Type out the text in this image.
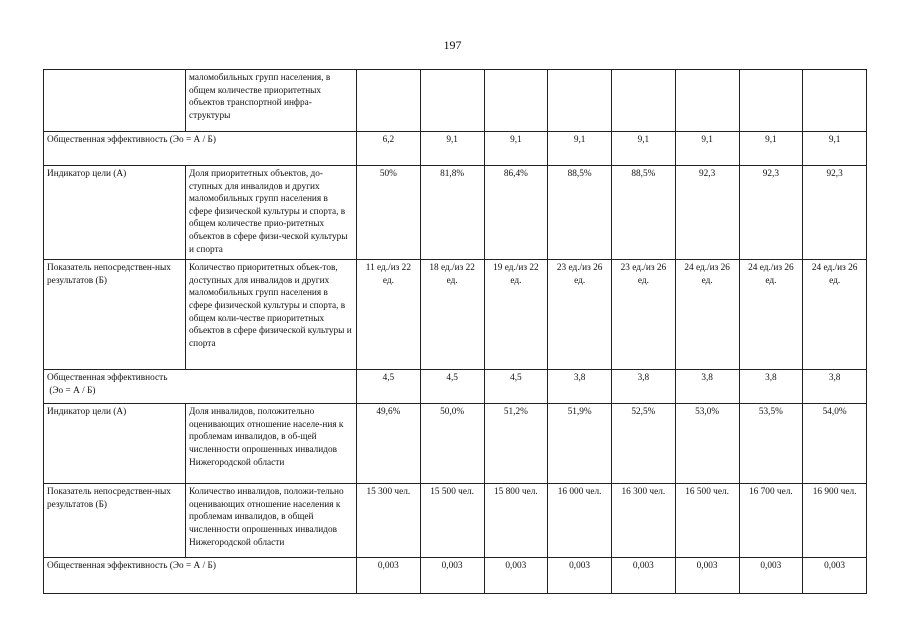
197
	маломобильных групп населения, в общем количестве приоритетных объектов транспортной инфра-структуры								
Общественная эффективность (Эо = А / Б)		6,2	9,1	9,1	9,1	9,1	9,1	9,1	9,1
Индикатор цели (А)	Доля приоритетных объектов, до-ступных для инвалидов и других маломобильных групп населения в сфере физической культуры и спорта, в общем количестве прио-ритетных объектов в сфере физи-ческой культуры и спорта	50%	81,8%	86,4%	88,5%	88,5%	92,3	92,3	92,3
Показатель непосредствен-ных результатов (Б)	Количество приоритетных объек-тов, доступных для инвалидов и других маломобильных групп населения в сфере физической культуры и спорта, в общем коли-честве приоритетных объектов в сфере физической культуры и спорта	11 ед./из 22 ед.	18 ед./из 22 ед.	19 ед./из 22 ед.	23 ед./из 26 ед.	23 ед./из 26 ед.	24 ед./из 26 ед.	24 ед./из 26 ед.	24 ед./из 26 ед.

Общественная эффективность
(Эо = А / Б)		4,5	4,5	4,5	3,8	3,8	3,8	3,8	3,8
Индикатор цели (А)	Доля инвалидов, положительно оценивающих отношение населе-ния к проблемам инвалидов, в об-щей численности опрошенных инвалидов Нижегородской области	49,6%	50,0%	51,2%	51,9%	52,5%	53,0%	53,5%	54,0%
Показатель непосредствен-ных результатов (Б)	Количество инвалидов, положи-тельно оценивающих отношение населения к проблемам инвалидов, в общей численности опрошенных инвалидов Нижегородской области	15 300 чел.	15 500 чел.	15 800 чел.	16 000 чел.	16 300 чел.	16 500 чел.	16 700 чел.	16 900 чел.
Общественная эффективность (Эо = А / Б)		0,003	0,003	0,003	0,003	0,003	0,003	0,003	0,003
